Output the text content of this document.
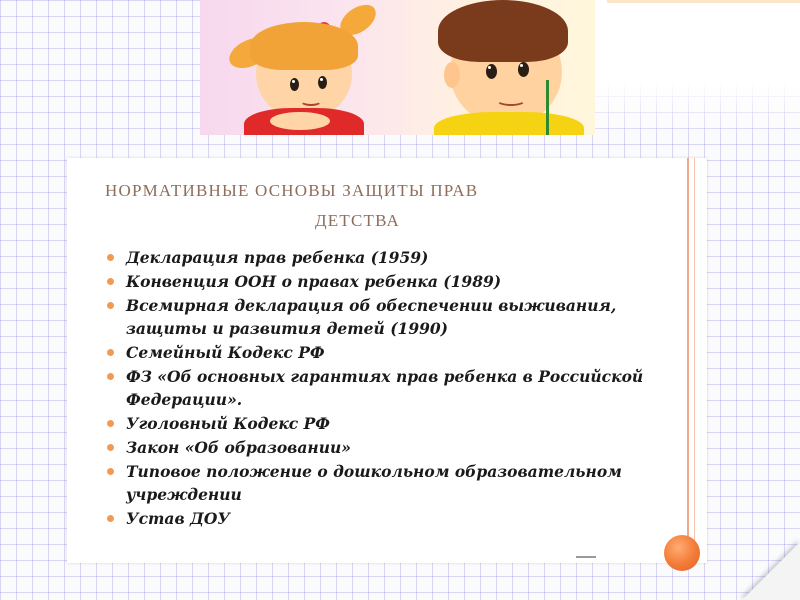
НОРМАТИВНЫЕ ОСНОВЫ ЗАЩИТЫ ПРАВ
ДЕТСТВА
Декларация прав ребенка (1959)
Конвенция ООН о правах ребенка (1989)
Всемирная декларация об обеспечении выживания, защиты и развития детей (1990)
Семейный Кодекс РФ
ФЗ «Об основных гарантиях прав ребенка в Российской Федерации».
Уголовный Кодекс РФ
Закон «Об образовании»
Типовое положение о дошкольном образовательном учреждении
Устав ДОУ
